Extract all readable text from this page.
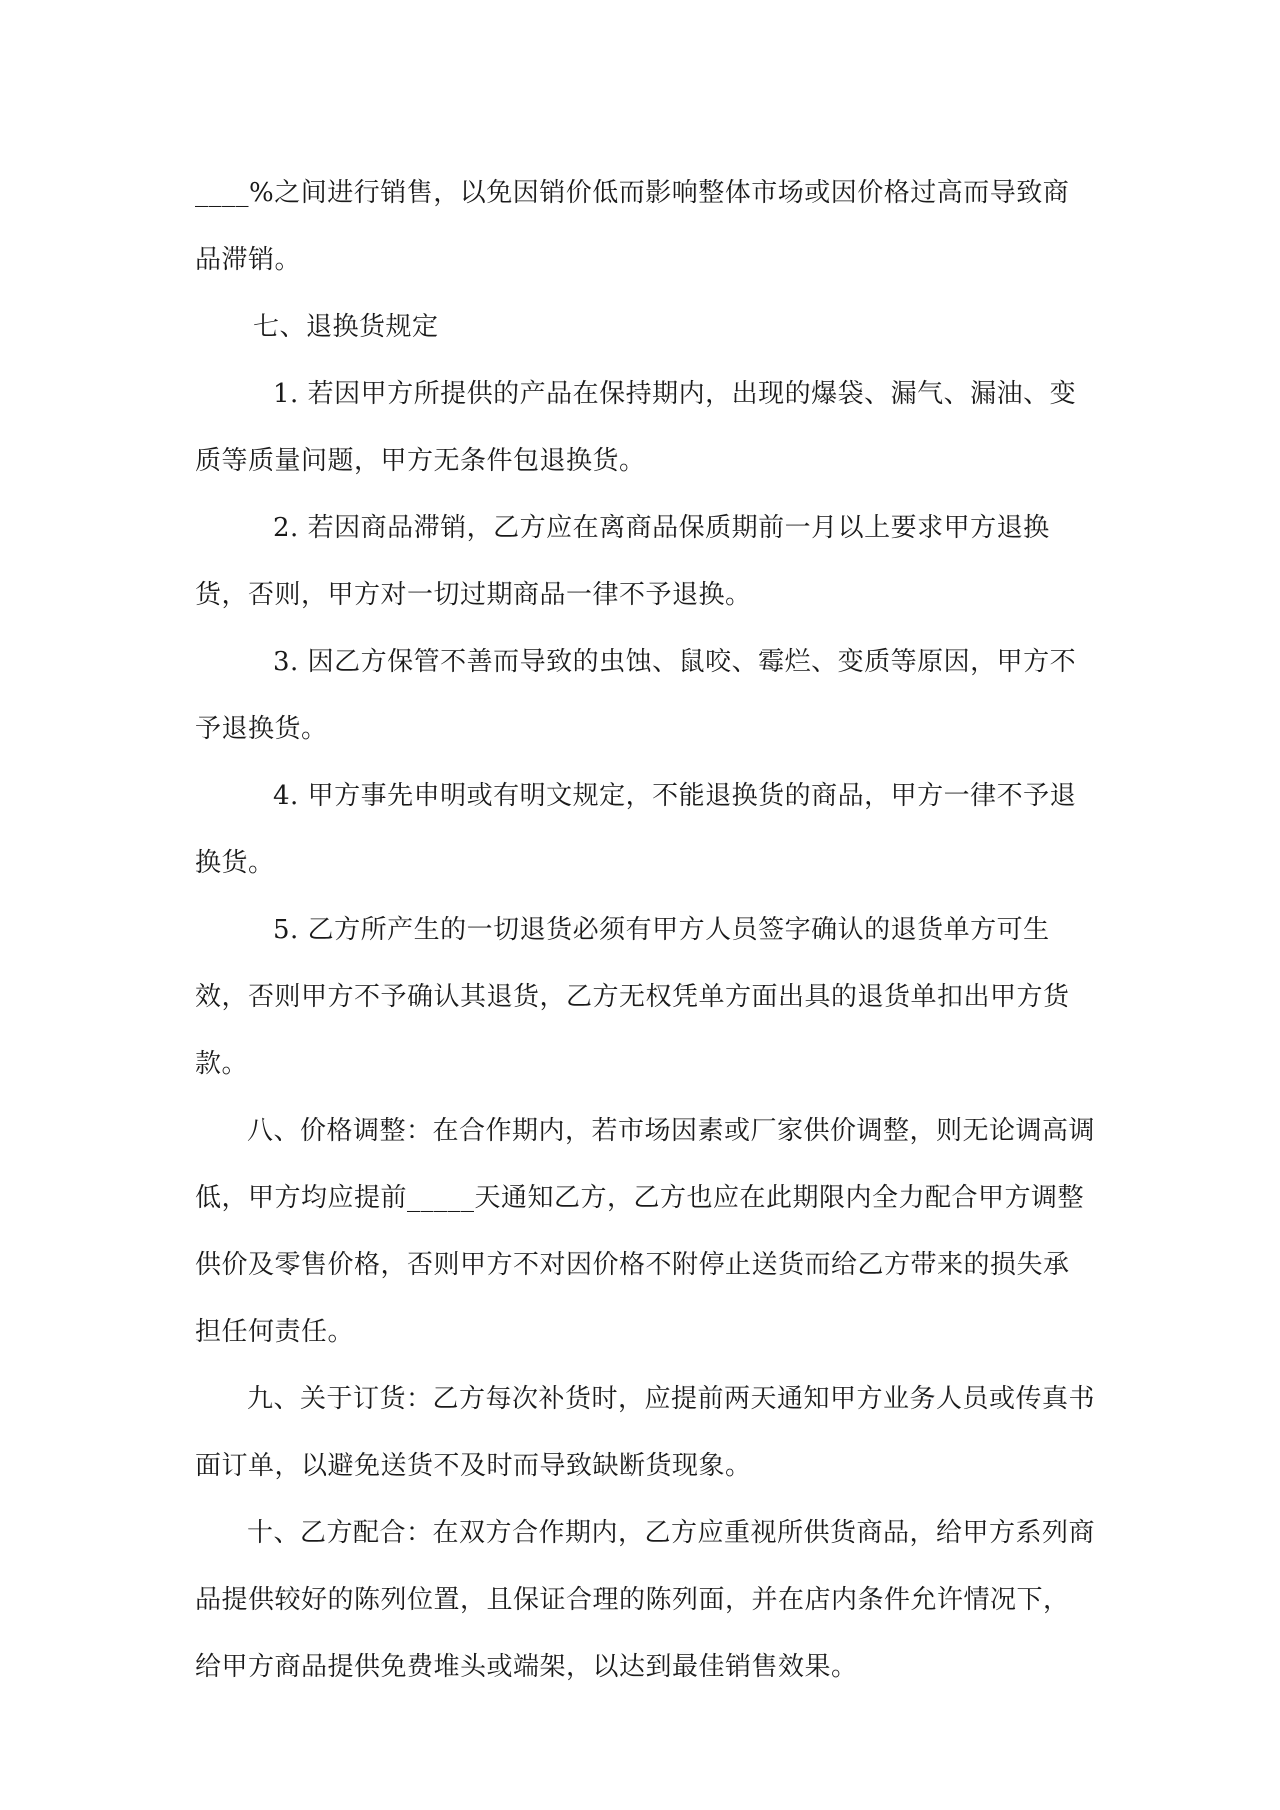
____%之间进行销售，以免因销价低而影响整体市场或因价格过高而导致商品滞销。

七、退换货规定

1. 若因甲方所提供的产品在保持期内，出现的爆袋、漏气、漏油、变质等质量问题，甲方无条件包退换货。

2. 若因商品滞销，乙方应在离商品保质期前一月以上要求甲方退换货，否则，甲方对一切过期商品一律不予退换。

3. 因乙方保管不善而导致的虫蚀、鼠咬、霉烂、变质等原因，甲方不予退换货。

4. 甲方事先申明或有明文规定，不能退换货的商品，甲方一律不予退换货。

5. 乙方所产生的一切退货必须有甲方人员签字确认的退货单方可生效，否则甲方不予确认其退货，乙方无权凭单方面出具的退货单扣出甲方货款。

八、价格调整：在合作期内，若市场因素或厂家供价调整，则无论调高调低，甲方均应提前_____天通知乙方，乙方也应在此期限内全力配合甲方调整供价及零售价格，否则甲方不对因价格不附停止送货而给乙方带来的损失承担任何责任。

九、关于订货：乙方每次补货时，应提前两天通知甲方业务人员或传真书面订单，以避免送货不及时而导致缺断货现象。

十、乙方配合：在双方合作期内，乙方应重视所供货商品，给甲方系列商品提供较好的陈列位置，且保证合理的陈列面，并在店内条件允许情况下，给甲方商品提供免费堆头或端架，以达到最佳销售效果。
